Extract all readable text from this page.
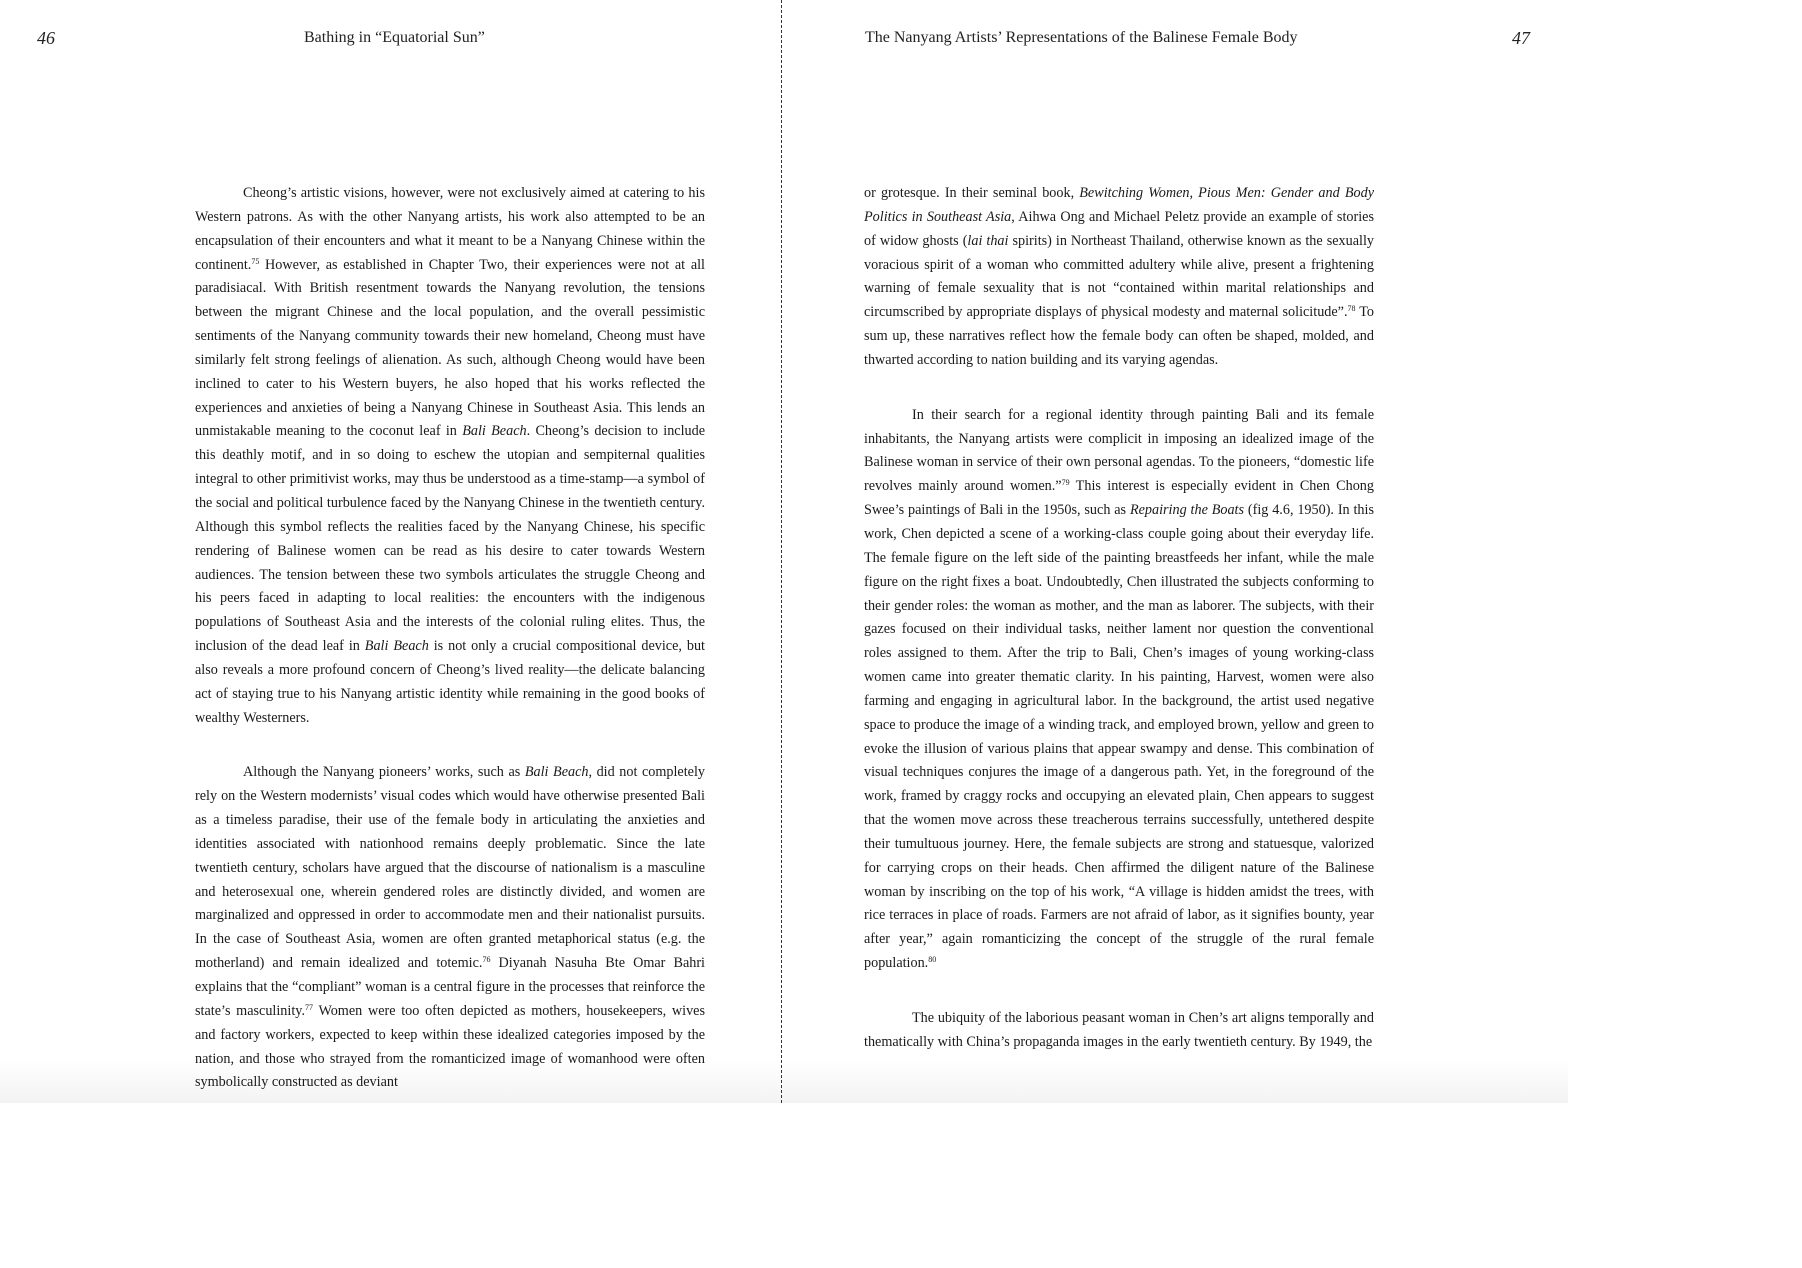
46	Bathing in “Equatorial Sun”

Cheong’s artistic visions, however, were not exclusively aimed at catering to his Western patrons. As with the other Nanyang artists, his work also attempted to be an encapsulation of their encounters and what it meant to be a Nanyang Chinese within the continent.$^{75}$ However, as established in Chapter Two, their experiences were not at all paradisiacal. With British resentment towards the Nanyang revolution, the tensions between the migrant Chinese and the local population, and the overall pessimistic sentiments of the Nanyang community towards their new homeland, Cheong must have similarly felt strong feelings of alienation. As such, although Cheong would have been inclined to cater to his Western buyers, he also hoped that his works reflected the experiences and anxieties of being a Nanyang Chinese in Southeast Asia. This lends an unmistakable meaning to the coconut leaf in Bali Beach. Cheong’s decision to include this deathly motif, and in so doing to eschew the utopian and sempiternal qualities integral to other primitivist works, may thus be understood as a time-stamp—a symbol of the social and political turbulence faced by the Nanyang Chinese in the twentieth century. Although this symbol reflects the realities faced by the Nanyang Chinese, his specific rendering of Balinese women can be read as his desire to cater towards Western audiences. The tension between these two symbols articulates the struggle Cheong and his peers faced in adapting to local realities: the encounters with the indigenous populations of Southeast Asia and the interests of the colonial ruling elites. Thus, the inclusion of the dead leaf in Bali Beach is not only a crucial compositional device, but also reveals a more profound concern of Cheong’s lived reality—the delicate balancing act of staying true to his Nanyang artistic identity while remaining in the good books of wealthy Westerners.

Although the Nanyang pioneers’ works, such as Bali Beach, did not completely rely on the Western modernists’ visual codes which would have otherwise presented Bali as a timeless paradise, their use of the female body in articulating the anxieties and identities associated with nationhood remains deeply problematic. Since the late twentieth century, scholars have argued that the discourse of nationalism is a masculine and heterosexual one, wherein gendered roles are distinctly divided, and women are marginalized and oppressed in order to accommodate men and their nationalist pursuits. In the case of Southeast Asia, women are often granted metaphorical status (e.g. the motherland) and remain idealized and totemic.$^{76}$ Diyanah Nasuha Bte Omar Bahri explains that the “compliant” woman is a central figure in the processes that reinforce the state’s masculinity.$^{77}$ Women were too often depicted as mothers, housekeepers, wives and factory workers, expected to keep within these idealized categories imposed by the nation, and those who strayed from the romanticized image of womanhood were often symbolically constructed as deviant

The Nanyang Artists’ Representations of the Balinese Female Body	47

or grotesque. In their seminal book, Bewitching Women, Pious Men: Gender and Body Politics in Southeast Asia, Aihwa Ong and Michael Peletz provide an example of stories of widow ghosts (lai thai spirits) in Northeast Thailand, otherwise known as the sexually voracious spirit of a woman who committed adultery while alive, present a frightening warning of female sexuality that is not “contained within marital relationships and circumscribed by appropriate displays of physical modesty and maternal solicitude”.$^{78}$ To sum up, these narratives reflect how the female body can often be shaped, molded, and thwarted according to nation building and its varying agendas.

In their search for a regional identity through painting Bali and its female inhabitants, the Nanyang artists were complicit in imposing an idealized image of the Balinese woman in service of their own personal agendas. To the pioneers, “domestic life revolves mainly around women.”$^{79}$ This interest is especially evident in Chen Chong Swee’s paintings of Bali in the 1950s, such as Repairing the Boats (fig 4.6, 1950). In this work, Chen depicted a scene of a working-class couple going about their everyday life. The female figure on the left side of the painting breastfeeds her infant, while the male figure on the right fixes a boat. Undoubtedly, Chen illustrated the subjects conforming to their gender roles: the woman as mother, and the man as laborer. The subjects, with their gazes focused on their individual tasks, neither lament nor question the conventional roles assigned to them. After the trip to Bali, Chen’s images of young working-class women came into greater thematic clarity. In his painting, Harvest, women were also farming and engaging in agricultural labor. In the background, the artist used negative space to produce the image of a winding track, and employed brown, yellow and green to evoke the illusion of various plains that appear swampy and dense. This combination of visual techniques conjures the image of a dangerous path. Yet, in the foreground of the work, framed by craggy rocks and occupying an elevated plain, Chen appears to suggest that the women move across these treacherous terrains successfully, untethered despite their tumultuous journey. Here, the female subjects are strong and statuesque, valorized for carrying crops on their heads. Chen affirmed the diligent nature of the Balinese woman by inscribing on the top of his work, “A village is hidden amidst the trees, with rice terraces in place of roads. Farmers are not afraid of labor, as it signifies bounty, year after year,” again romanticizing the concept of the struggle of the rural female population.$^{80}$

The ubiquity of the laborious peasant woman in Chen’s art aligns temporally and thematically with China’s propaganda images in the early twentieth century. By 1949, the
